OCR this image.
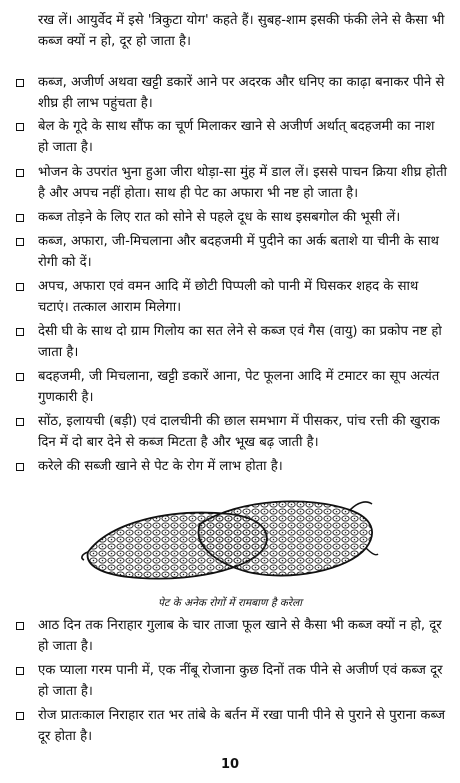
रख लें। आयुर्वेद में इसे 'त्रिकुटा योग' कहते हैं। सुबह-शाम इसकी फंकी लेने से कैसा भी कब्ज क्यों न हो, दूर हो जाता है।
कब्ज, अजीर्ण अथवा खट्टी डकारें आने पर अदरक और धनिए का काढ़ा बनाकर पीने से शीघ्र ही लाभ पहुंचता है।
बेल के गूदे के साथ सौंफ का चूर्ण मिलाकर खाने से अजीर्ण अर्थात्‌ बदहजमी का नाश हो जाता है।
भोजन के उपरांत भुना हुआ जीरा थोड़ा-सा मुंह में डाल लें। इससे पाचन क्रिया शीघ्र होती है और अपच नहीं होता। साथ ही पेट का अफारा भी नष्ट हो जाता है।
कब्ज तोड़ने के लिए रात को सोने से पहले दूध के साथ इसबगोल की भूसी लें।
कब्ज, अफारा, जी-मिचलाना और बदहजमी में पुदीने का अर्क बताशे या चीनी के साथ रोगी को दें।
अपच, अफारा एवं वमन आदि में छोटी पिप्पली को पानी में घिसकर शहद के साथ चटाएं। तत्काल आराम मिलेगा।
देसी घी के साथ दो ग्राम गिलोय का सत लेने से कब्ज एवं गैस (वायु) का प्रकोप नष्ट हो जाता है।
बदहजमी, जी मिचलाना, खट्टी डकारें आना, पेट फूलना आदि में टमाटर का सूप अत्यंत गुणकारी है।
सोंठ, इलायची (बड़ी) एवं दालचीनी की छाल समभाग में पीसकर, पांच रत्ती की खुराक दिन में दो बार देने से कब्ज मिटता है और भूख बढ़ जाती है।
करेले की सब्जी खाने से पेट के रोग में लाभ होता है।
पेट के अनेक रोगों में रामबाण है करेला
आठ दिन तक निराहार गुलाब के चार ताजा फूल खाने से कैसा भी कब्ज क्यों न हो, दूर हो जाता है।
एक प्याला गरम पानी में, एक नींबू रोजाना कुछ दिनों तक पीने से अजीर्ण एवं कब्ज दूर हो जाता है।
रोज प्रातःकाल निराहार रात भर तांबे के बर्तन में रखा पानी पीने से पुराने से पुराना कब्ज दूर होता है।
10
